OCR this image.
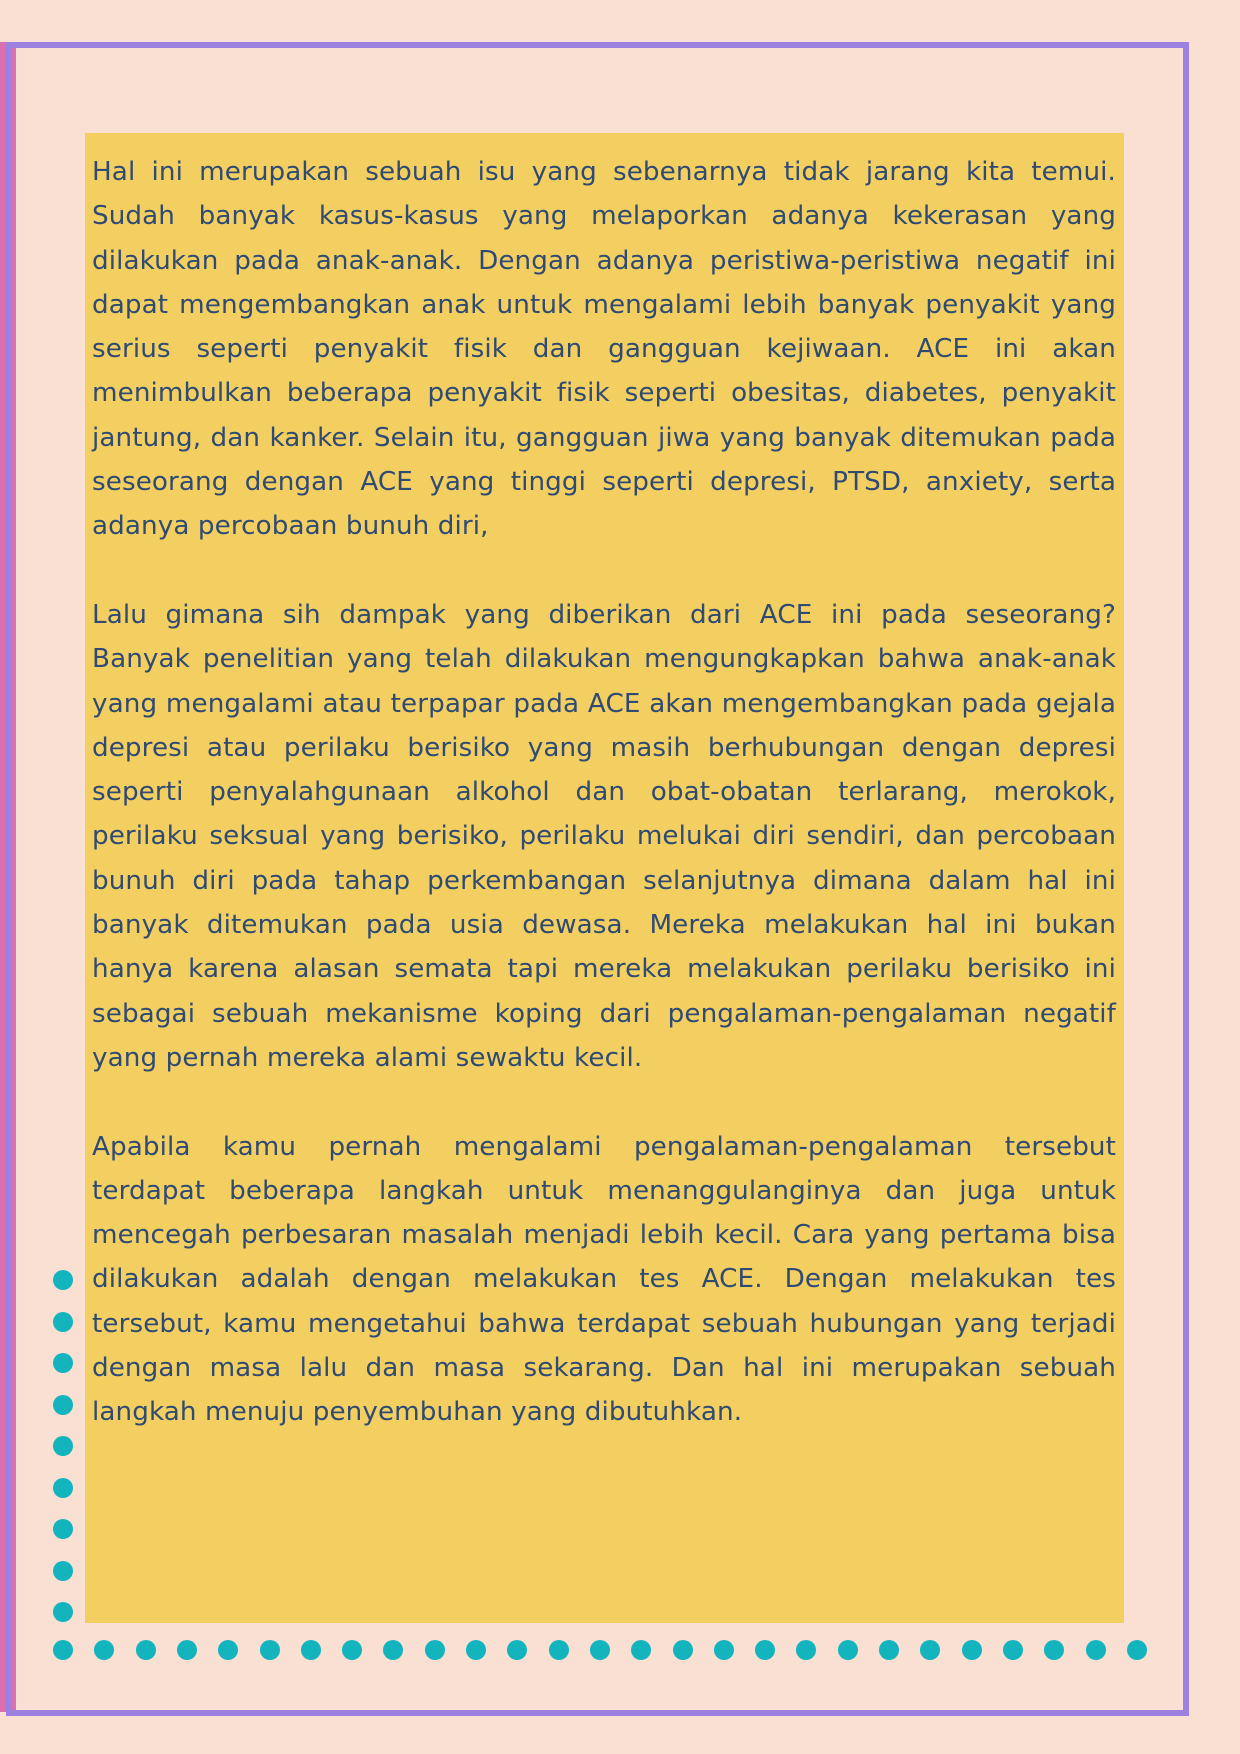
Hal ini merupakan sebuah isu yang sebenarnya tidak jarang kita temui. Sudah banyak kasus-kasus yang melaporkan adanya kekerasan yang dilakukan pada anak-anak. Dengan adanya peristiwa-peristiwa negatif ini dapat mengembangkan anak untuk mengalami lebih banyak penyakit yang serius seperti penyakit fisik dan gangguan kejiwaan. ACE ini akan menimbulkan beberapa penyakit fisik seperti obesitas, diabetes, penyakit jantung, dan kanker. Selain itu, gangguan jiwa yang banyak ditemukan pada seseorang dengan ACE yang tinggi seperti depresi, PTSD, anxiety, serta adanya percobaan bunuh diri,

Lalu gimana sih dampak yang diberikan dari ACE ini pada seseorang? Banyak penelitian yang telah dilakukan mengungkapkan bahwa anak-anak yang mengalami atau terpapar pada ACE akan mengembangkan pada gejala depresi atau perilaku berisiko yang masih berhubungan dengan depresi seperti penyalahgunaan alkohol dan obat-obatan terlarang, merokok, perilaku seksual yang berisiko, perilaku melukai diri sendiri, dan percobaan bunuh diri pada tahap perkembangan selanjutnya dimana dalam hal ini banyak ditemukan pada usia dewasa. Mereka melakukan hal ini bukan hanya karena alasan semata tapi mereka melakukan perilaku berisiko ini sebagai sebuah mekanisme koping dari pengalaman-pengalaman negatif yang pernah mereka alami sewaktu kecil.

Apabila kamu pernah mengalami pengalaman-pengalaman tersebut terdapat beberapa langkah untuk menanggulanginya dan juga untuk mencegah perbesaran masalah menjadi lebih kecil. Cara yang pertama bisa dilakukan adalah dengan melakukan tes ACE. Dengan melakukan tes tersebut, kamu mengetahui bahwa terdapat sebuah hubungan yang terjadi dengan masa lalu dan masa sekarang. Dan hal ini merupakan sebuah langkah menuju penyembuhan yang dibutuhkan.
